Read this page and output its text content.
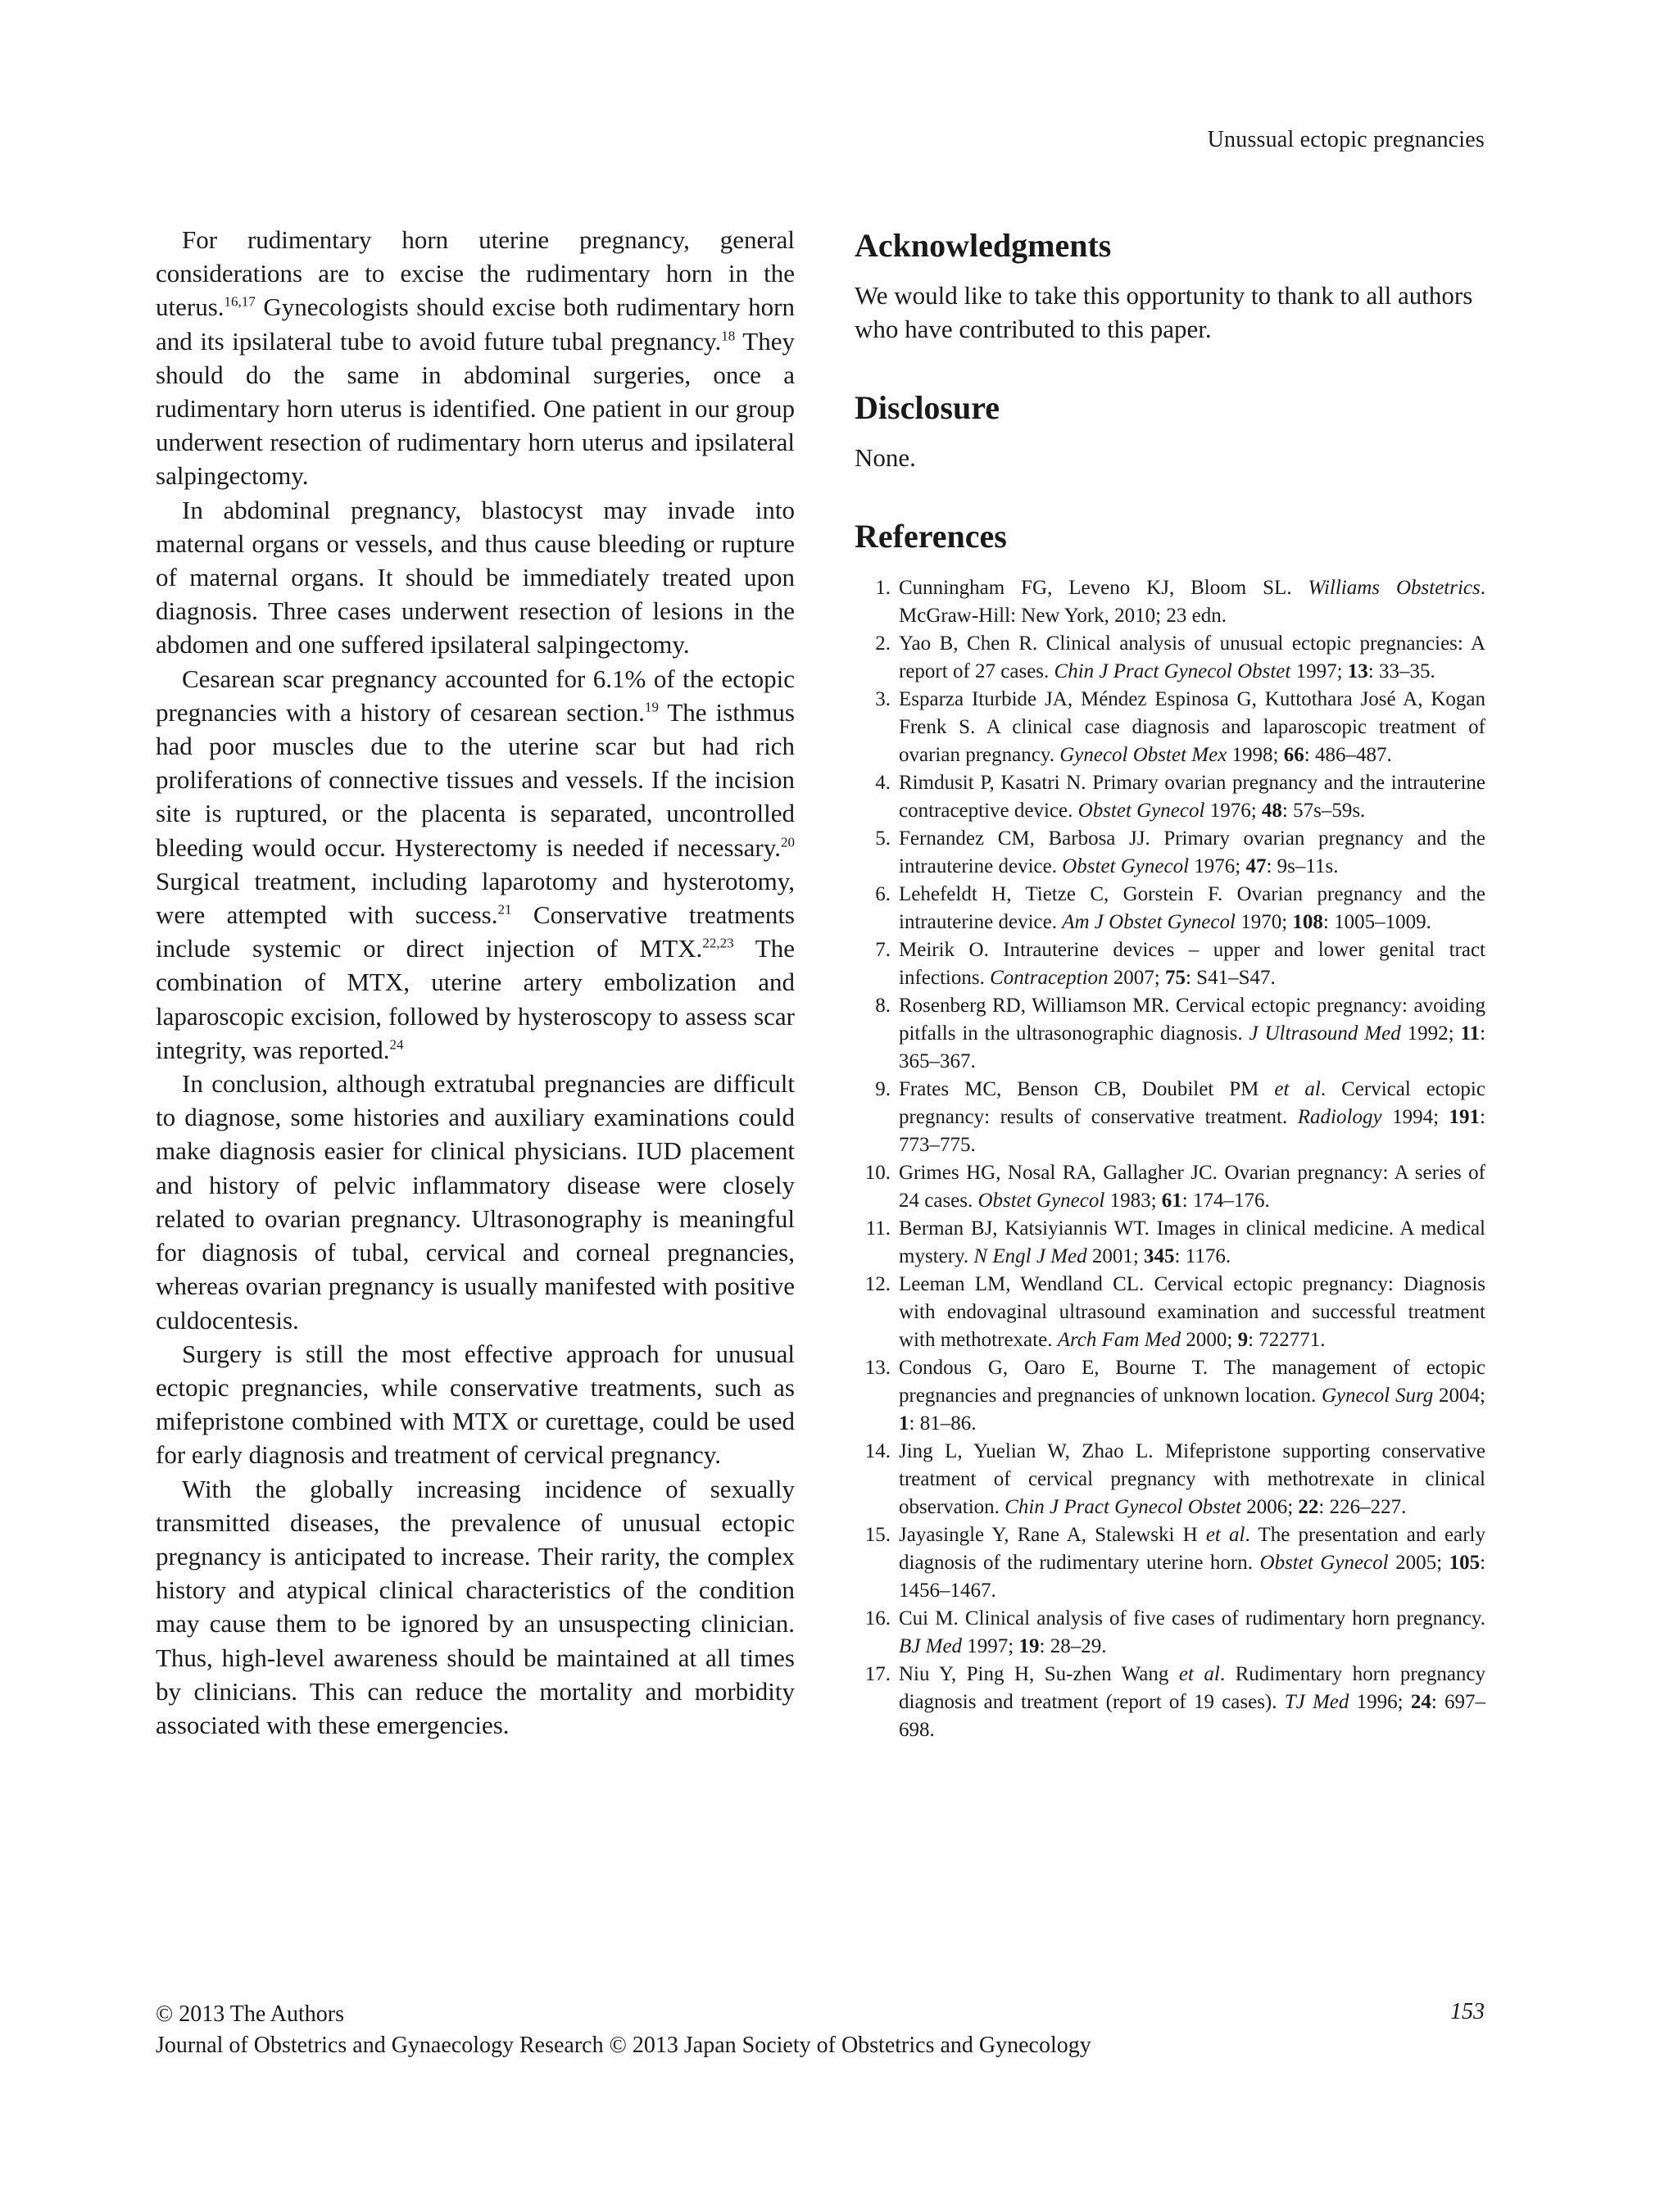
Unussual ectopic pregnancies

For rudimentary horn uterine pregnancy, general considerations are to excise the rudimentary horn in the uterus.$^{16,17}$ Gynecologists should excise both rudimentary horn and its ipsilateral tube to avoid future tubal pregnancy.$^{18}$ They should do the same in abdominal surgeries, once a rudimentary horn uterus is identified. One patient in our group underwent resection of rudimentary horn uterus and ipsilateral salpingectomy.

In abdominal pregnancy, blastocyst may invade into maternal organs or vessels, and thus cause bleeding or rupture of maternal organs. It should be immediately treated upon diagnosis. Three cases underwent resection of lesions in the abdomen and one suffered ipsilateral salpingectomy.

Cesarean scar pregnancy accounted for 6.1% of the ectopic pregnancies with a history of cesarean section.$^{19}$ The isthmus had poor muscles due to the uterine scar but had rich proliferations of connective tissues and vessels. If the incision site is ruptured, or the placenta is separated, uncontrolled bleeding would occur. Hysterectomy is needed if necessary.$^{20}$ Surgical treatment, including laparotomy and hysterotomy, were attempted with success.$^{21}$ Conservative treatments include systemic or direct injection of MTX.$^{22,23}$ The combination of MTX, uterine artery embolization and laparoscopic excision, followed by hysteroscopy to assess scar integrity, was reported.$^{24}$

In conclusion, although extratubal pregnancies are difficult to diagnose, some histories and auxiliary examinations could make diagnosis easier for clinical physicians. IUD placement and history of pelvic inflammatory disease were closely related to ovarian pregnancy. Ultrasonography is meaningful for diagnosis of tubal, cervical and corneal pregnancies, whereas ovarian pregnancy is usually manifested with positive culdocentesis.

Surgery is still the most effective approach for unusual ectopic pregnancies, while conservative treatments, such as mifepristone combined with MTX or curettage, could be used for early diagnosis and treatment of cervical pregnancy.

With the globally increasing incidence of sexually transmitted diseases, the prevalence of unusual ectopic pregnancy is anticipated to increase. Their rarity, the complex history and atypical clinical characteristics of the condition may cause them to be ignored by an unsuspecting clinician. Thus, high-level awareness should be maintained at all times by clinicians. This can reduce the mortality and morbidity associated with these emergencies.

Acknowledgments

We would like to take this opportunity to thank to all authors who have contributed to this paper.

Disclosure

None.

References
1. Cunningham FG, Leveno KJ, Bloom SL. Williams Obstetrics. McGraw-Hill: New York, 2010; 23 edn.
2. Yao B, Chen R. Clinical analysis of unusual ectopic pregnancies: A report of 27 cases. Chin J Pract Gynecol Obstet 1997; 13: 33–35.
3. Esparza Iturbide JA, Méndez Espinosa G, Kuttothara José A, Kogan Frenk S. A clinical case diagnosis and laparoscopic treatment of ovarian pregnancy. Gynecol Obstet Mex 1998; 66: 486–487.
4. Rimdusit P, Kasatri N. Primary ovarian pregnancy and the intrauterine contraceptive device. Obstet Gynecol 1976; 48: 57s–59s.
5. Fernandez CM, Barbosa JJ. Primary ovarian pregnancy and the intrauterine device. Obstet Gynecol 1976; 47: 9s–11s.
6. Lehefeldt H, Tietze C, Gorstein F. Ovarian pregnancy and the intrauterine device. Am J Obstet Gynecol 1970; 108: 1005–1009.
7. Meirik O. Intrauterine devices – upper and lower genital tract infections. Contraception 2007; 75: S41–S47.
8. Rosenberg RD, Williamson MR. Cervical ectopic pregnancy: avoiding pitfalls in the ultrasonographic diagnosis. J Ultrasound Med 1992; 11: 365–367.
9. Frates MC, Benson CB, Doubilet PM et al. Cervical ectopic pregnancy: results of conservative treatment. Radiology 1994; 191: 773–775.
10. Grimes HG, Nosal RA, Gallagher JC. Ovarian pregnancy: A series of 24 cases. Obstet Gynecol 1983; 61: 174–176.
11. Berman BJ, Katsiyiannis WT. Images in clinical medicine. A medical mystery. N Engl J Med 2001; 345: 1176.
12. Leeman LM, Wendland CL. Cervical ectopic pregnancy: Diagnosis with endovaginal ultrasound examination and successful treatment with methotrexate. Arch Fam Med 2000; 9: 722771.
13. Condous G, Oaro E, Bourne T. The management of ectopic pregnancies and pregnancies of unknown location. Gynecol Surg 2004; 1: 81–86.
14. Jing L, Yuelian W, Zhao L. Mifepristone supporting conservative treatment of cervical pregnancy with methotrexate in clinical observation. Chin J Pract Gynecol Obstet 2006; 22: 226–227.
15. Jayasingle Y, Rane A, Stalewski H et al. The presentation and early diagnosis of the rudimentary uterine horn. Obstet Gynecol 2005; 105: 1456–1467.
16. Cui M. Clinical analysis of five cases of rudimentary horn pregnancy. BJ Med 1997; 19: 28–29.
17. Niu Y, Ping H, Su-zhen Wang et al. Rudimentary horn pregnancy diagnosis and treatment (report of 19 cases). TJ Med 1996; 24: 697–698.
© 2013 The Authors
Journal of Obstetrics and Gynaecology Research © 2013 Japan Society of Obstetrics and Gynecology
153
